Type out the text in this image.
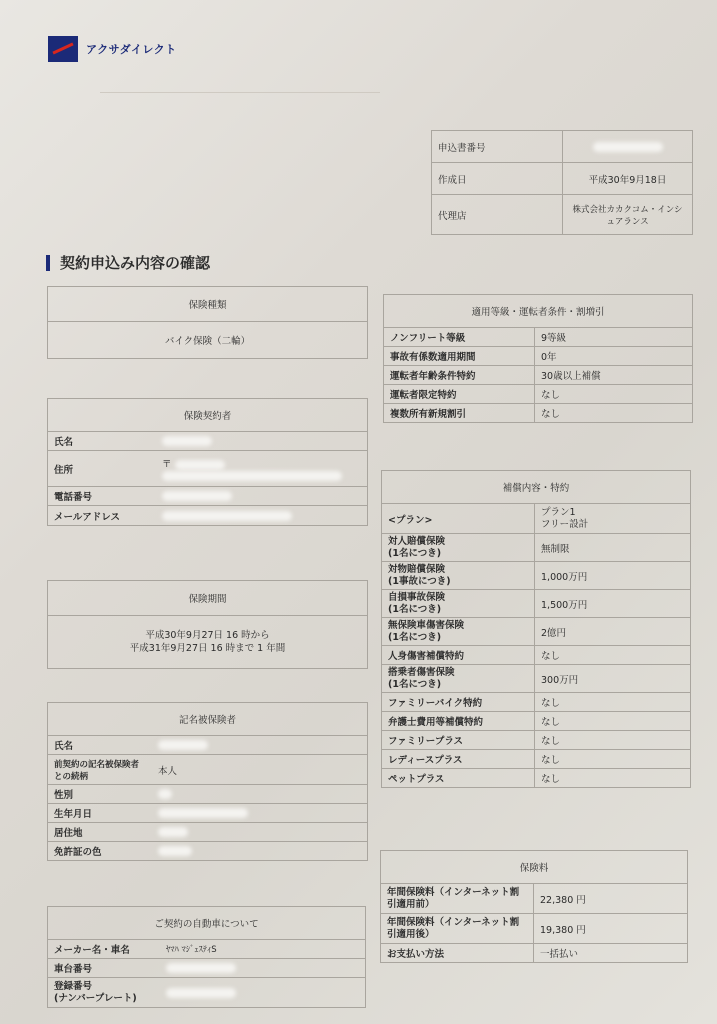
アクサダイレクト
申込書番号	
作成日	平成30年9月18日
代理店	株式会社カカクコム・インシュアランス
契約申込み内容の確認
保険種類
バイク保険（二輪）
保険契約者	
氏名	
住所	〒

電話番号	
メールアドレス	
保険期間

平成30年9月27日 16 時から
平成31年9月27日 16 時まで 1 年間
記名被保険者	
氏名	
前契約の記名被保険者との続柄	本人
性別	
生年月日	
居住地	
免許証の色	
ご契約の自動車について	
メーカー名・車名	ﾔﾏﾊ ﾏｼﾞｪｽﾃｨS
車台番号	
登録番号
(ナンバープレート)	
適用等級・運転者条件・割増引	
ノンフリート等級	9等級
事故有係数適用期間	0年
運転者年齢条件特約	30歳以上補償
運転者限定特約	なし
複数所有新規割引	なし
補償内容・特約	
<プラン>	プラン1
フリー設計
対人賠償保険
(1名につき)	無制限
対物賠償保険
(1事故につき)	1,000万円
自損事故保険
(1名につき)	1,500万円
無保険車傷害保険
(1名につき)	2億円
人身傷害補償特約	なし
搭乗者傷害保険
(1名につき)	300万円
ファミリーバイク特約	なし
弁護士費用等補償特約	なし
ファミリープラス	なし
レディースプラス	なし
ペットプラス	なし
保険料	
年間保険料（インターネット割引適用前）	22,380 円
年間保険料（インターネット割引適用後）	19,380 円
お支払い方法	一括払い
